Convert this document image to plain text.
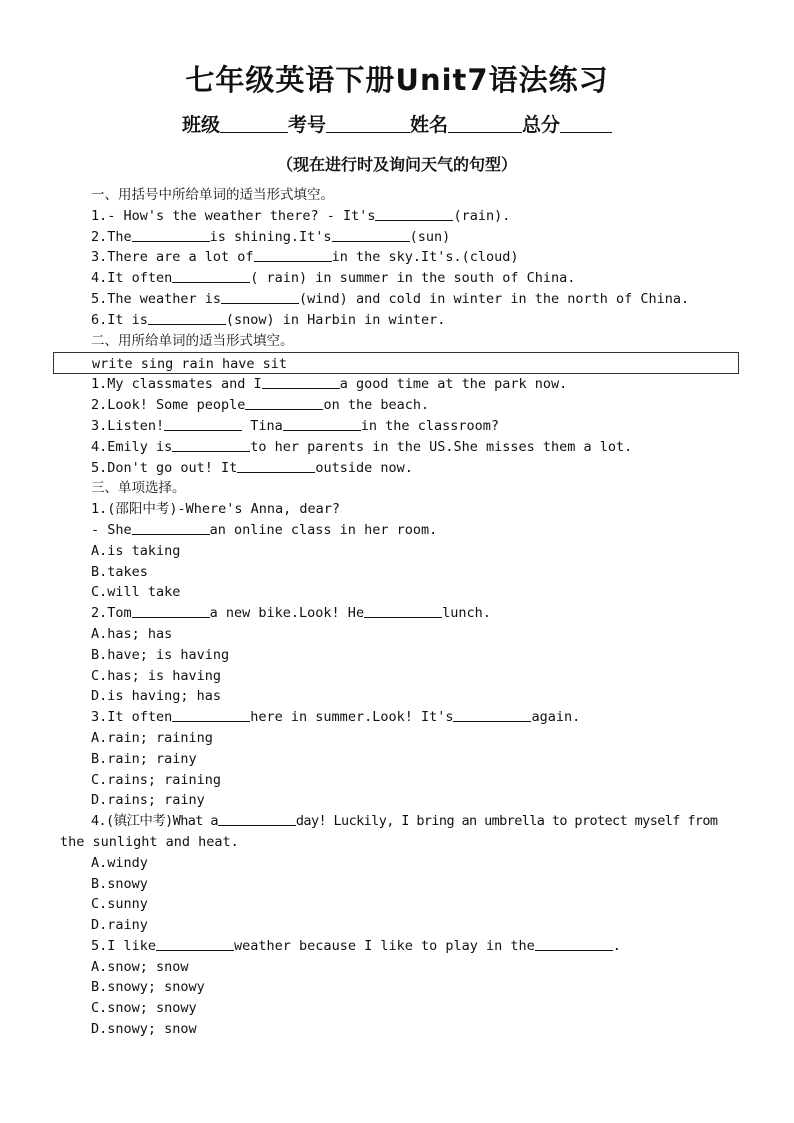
七年级英语下册Unit7语法练习
班级	考号	姓名	总分
（现在进行时及询问天气的句型）
一、用括号中所给单词的适当形式填空。
1.- How's the weather there? - It's	(rain).
2.The	is shining.It's	(sun)
3.There are a lot of	in the sky.It's.(cloud)
4.It often	( rain) in summer in the south of China.
5.The weather is	(wind) and cold in winter in the north of China.
6.It is	(snow) in Harbin in winter.
二、用所给单词的适当形式填空。
write sing rain have sit
1.My classmates and I	a good time at the park now.
2.Look! Some people	on the beach.
3.Listen!	Tina	in the classroom?
4.Emily is	to her parents in the US.She misses them a lot.
5.Don't go out! It	outside now.
三、单项选择。
1.(邵阳中考)-Where's Anna, dear?
- She	an online class in her room.
A.is taking
B.takes
C.will take
2.Tom	a new bike.Look! He	lunch.
A.has; has
B.have; is having
C.has; is having
D.is having; has
3.It often	here in summer.Look! It's	again.
A.rain; raining
B.rain; rainy
C.rains; raining
D.rains; rainy
4.(镇江中考)What a	day! Luckily, I bring an umbrella to protect myself from
the sunlight and heat.
A.windy
B.snowy
C.sunny
D.rainy
5.I like	weather because I like to play in the	.
A.snow; snow
B.snowy; snowy
C.snow; snowy
D.snowy; snow
